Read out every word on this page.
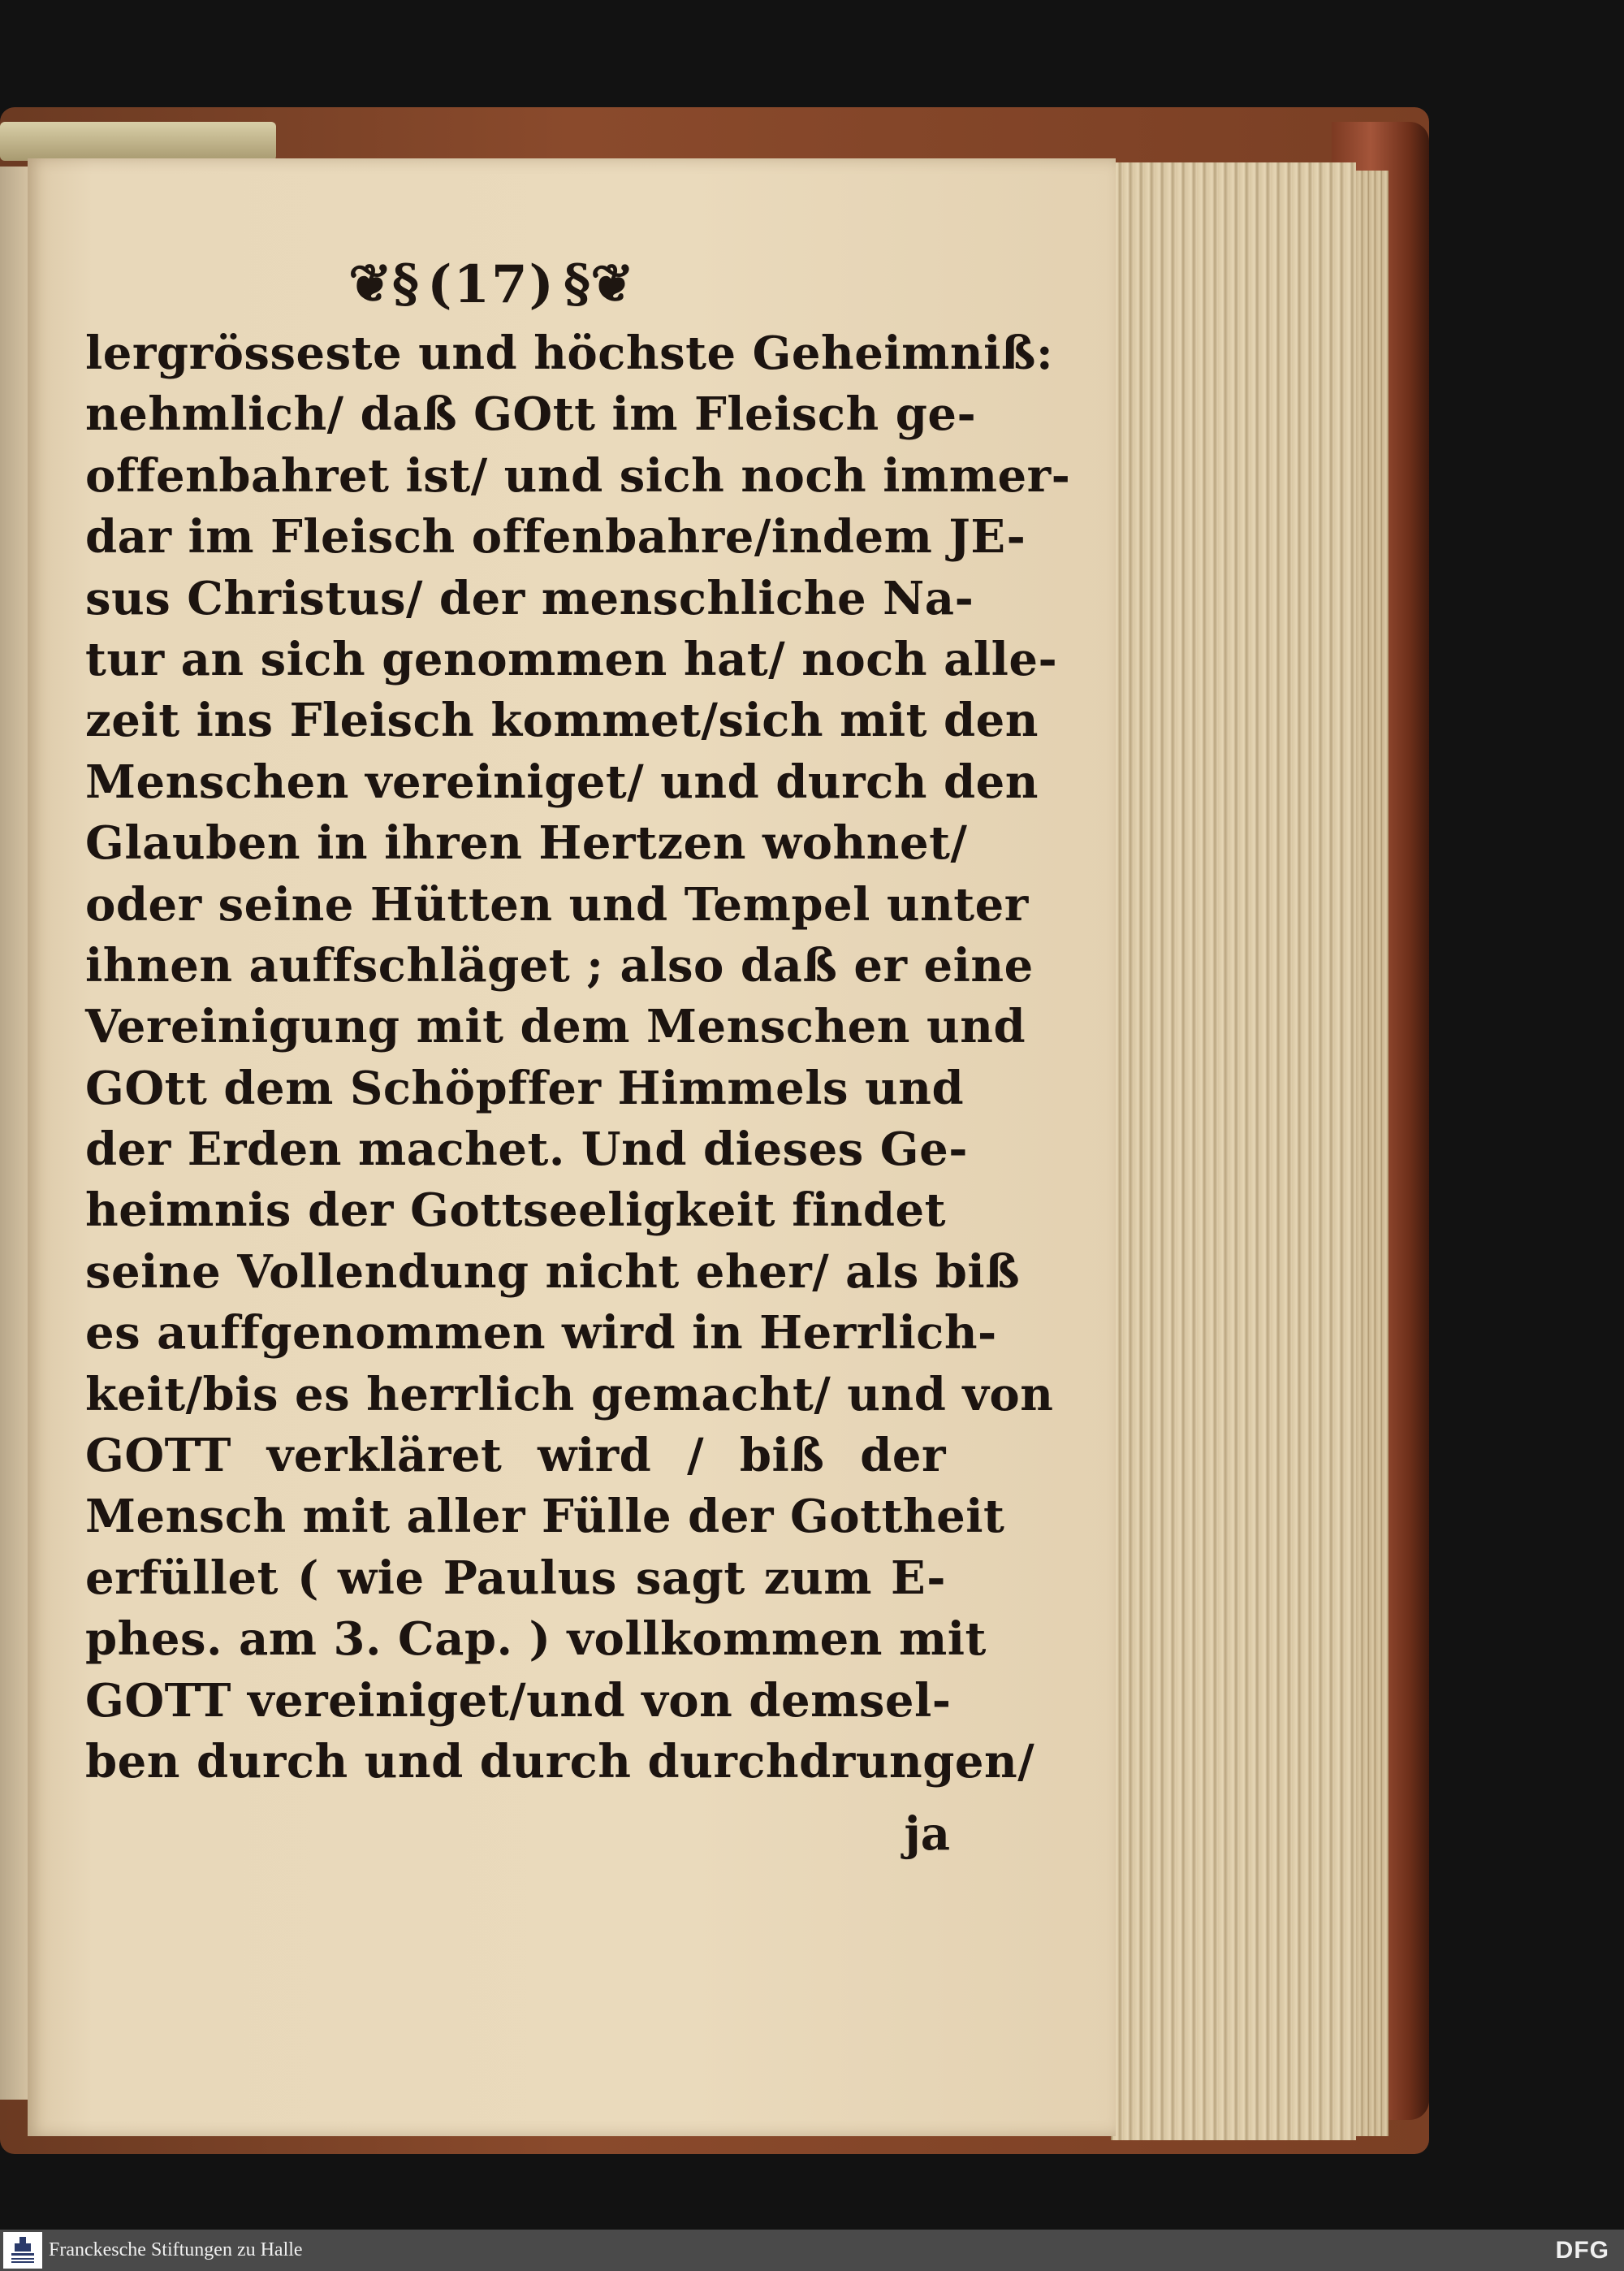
❦§ (17) §❦
lergrösseste und höchste Geheimniß:
nehmlich/ daß GOtt im Fleisch ge-
offenbahret ist/ und sich noch immer-
dar im Fleisch offenbahre/indem JE-
sus Christus/ der menschliche Na-
tur an sich genommen hat/ noch alle-
zeit ins Fleisch kommet/sich mit den
Menschen vereiniget/ und durch den
Glauben in ihren Hertzen wohnet/
oder seine Hütten und Tempel unter
ihnen auffschläget ; also daß er eine
Vereinigung mit dem Menschen und
GOtt dem Schöpffer Himmels und
der Erden machet. Und dieses Ge-
heimnis der Gottseeligkeit findet
seine Vollendung nicht eher/ als biß
es auffgenommen wird in Herrlich-
keit/bis es herrlich gemacht/ und von
GOTT verkläret wird / biß der
Mensch mit aller Fülle der Gottheit
erfüllet ( wie Paulus sagt zum E-
phes. am 3. Cap. ) vollkommen mit
GOTT vereiniget/und von demsel-
ben durch und durch durchdrungen/
ja
Franckesche Stiftungen zu Halle	DFG
